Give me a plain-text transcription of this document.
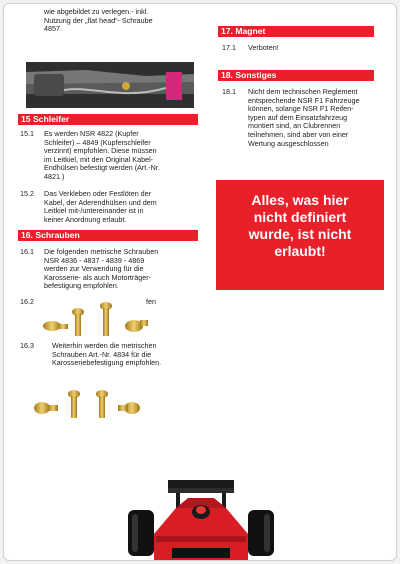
wie abgebildet zu verlegen.- inkl.
Nutzung der „flat head“- Schraube
4857.
15 Schleifer
15.1 Es werden NSR 4822 (Kupfer
Schleifer) – 4849 (Kupferschleifer
verzinnt) empfohlen. Diese müssen
im Leitkiel, mit den Original Kabel-
Endhülsen befestigt werden (Art.-Nr.
4821.)
15.2 Das Verkleben oder Festlöten der
Kabel, der Aderendhülsen und dem
Leitkiel mit-/untereinander ist in
keiner Anordnung erlaubt.
16. Schrauben
16.1 Die folgenden metrische Schrauben
NSR 4836 - 4837 - 4839 - 4869
werden zur Verwendung für die
Karosserie- als auch Motorträger-
befestigung empfohlen.
16.2	fen
16.3	Weiterhin werden die metrischen
Schrauben Art.-Nr. 4834 für die
Karosseriebefestigung empfohlen.
17. Magnet
17.1 Verboten!
18. Sonstiges
18.1 Nicht dem technischen Reglement
entsprechende NSR F1 Fahrzeuge
können, solange NSR F1 Reifen-
typen auf dem Einsatzfahrzeug
montiert sind, an Clubrennen
teilnehmen, sind aber von einer
Wertung ausgeschlossen
Alles, was hier
nicht definiert
wurde, ist nicht
erlaubt!
